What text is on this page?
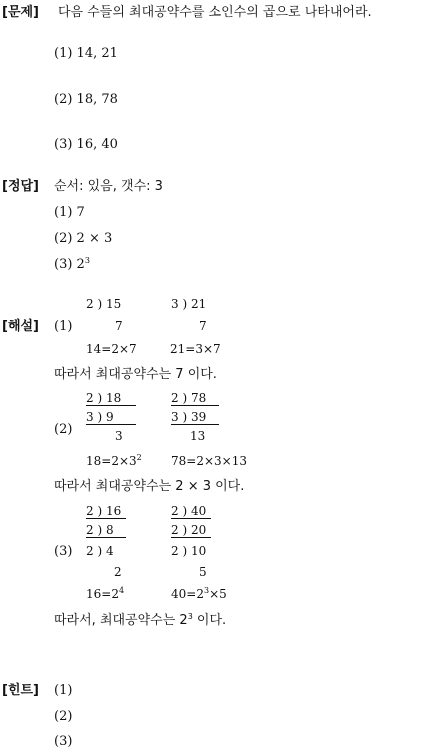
[문제] 다음 수들의 최대공약수를 소인수의 곱으로 나타내어라.
(1) 14, 21
(2) 18, 78
(3) 16, 40
[정답] 순서: 있음, 갯수: 3
(1) 7
(2) 2 × 3
(3) $2^3$
[해설] (1)
2 ) 15
7
3 ) 21
7
14=2×7	21=3×7
따라서 최대공약수는 7 이다.
(2)
2 ) 18
3 ) 9
3
2 ) 78
3 ) 39
13
$18=2\times 3^2$ 78=2×3×13
따라서 최대공약수는 2 × 3 이다.
(3)
2 ) 16
2 ) 8
2 ) 4
2
2 ) 40
2 ) 20
2 ) 10
5
$16=2^4$	$40=2^3\times 5$
따라서, 최대공약수는 $2^3$ 이다.
[힌트] (1)
(2)
(3)
